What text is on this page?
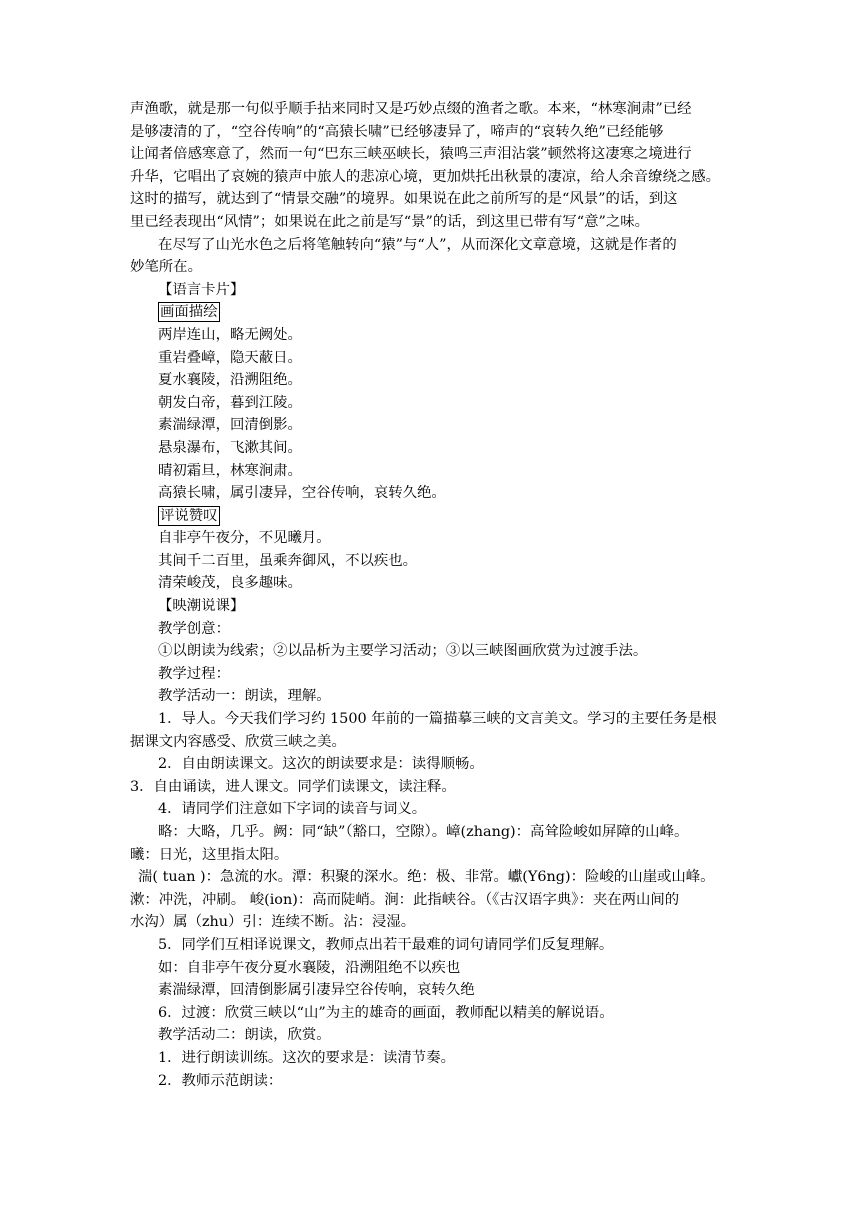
声渔歌，就是那一句似乎顺手拈来同时又是巧妙点缀的渔者之歌。本来，“林寒涧肃”已经
是够凄清的了，“空谷传响”的“高猿长啸”已经够凄异了，啼声的“哀转久绝”已经能够
让闻者倍感寒意了，然而一句“巴东三峡巫峡长，猿鸣三声泪沾裳”顿然将这凄寒之境进行
升华，它唱出了哀婉的猿声中旅人的悲凉心境，更加烘托出秋景的凄凉，给人余音缭绕之感。
这时的描写，就达到了“情景交融”的境界。如果说在此之前所写的是“风景”的话，到这
里已经表现出“风情”；如果说在此之前是写“景”的话，到这里已带有写“意”之味。
在尽写了山光水色之后将笔触转向“猿”与“人”，从而深化文章意境，这就是作者的
妙笔所在。
【语言卡片】
画面描绘
两岸连山，略无阙处。
重岩叠嶂，隐天蔽日。
夏水襄陵，沿溯阻绝。
朝发白帝，暮到江陵。
素湍绿潭，回清倒影。
悬泉瀑布，飞漱其间。
晴初霜旦，林寒涧肃。
高猿长啸，属引凄异，空谷传响，哀转久绝。
评说赞叹
自非亭午夜分，不见曦月。
其间千二百里，虽乘奔御风，不以疾也。
清荣峻茂，良多趣味。
【映潮说课】
教学创意：
①以朗读为线索；②以品析为主要学习活动；③以三峡图画欣赏为过渡手法。
教学过程：
教学活动一：朗读，理解。
1．导人。今天我们学习约 1500 年前的一篇描摹三峡的文言美文。学习的主要任务是根
据课文内容感受、欣赏三峡之美。
2．自由朗读课文。这次的朗读要求是：读得顺畅。
3．自由诵读，进人课文。同学们读课文，读注释。
4．请同学们注意如下字词的读音与词义。
略：大略，几乎。阙：同“缺”（豁口，空隙）。嶂(zhang)：高耸险峻如屏障的山峰。
曦：日光，这里指太阳。
湍( tuan )：急流的水。潭：积聚的深水。绝：极、非常。巘(Y6ng)：险峻的山崖或山峰。
漱：冲洗，冲刷。 峻(ion)：高而陡峭。涧：此指峡谷。（《古汉语字典》：夹在两山间的
水沟）属（zhu）引：连续不断。沾：浸湿。
5．同学们互相译说课文，教师点出若干最难的词句请同学们反复理解。
如：自非亭午夜分夏水襄陵，沿溯阻绝不以疾也
素湍绿潭，回清倒影属引凄异空谷传响，哀转久绝
6．过渡：欣赏三峡以“山”为主的雄奇的画面，教师配以精美的解说语。
教学活动二：朗读，欣赏。
1．进行朗读训练。这次的要求是：读清节奏。
2．教师示范朗读：
